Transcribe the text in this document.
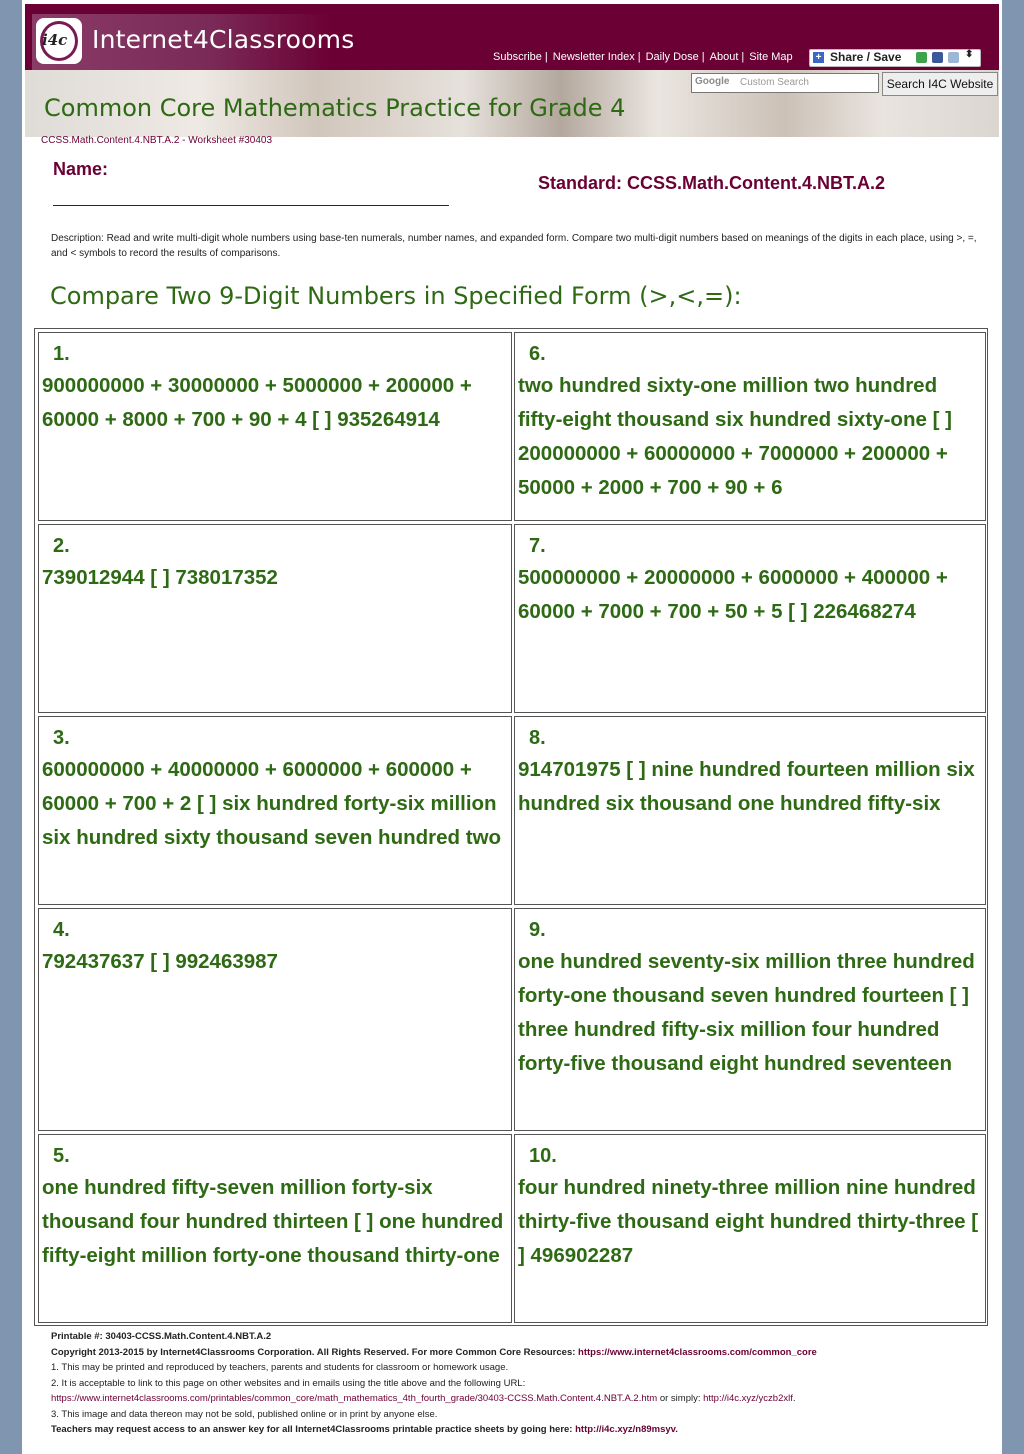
i4c Internet4Classrooms
Subscribe | Newsletter Index | Daily Dose | About | Site Map + Share / Save	⬍
Google Custom Search	Search I4C Website
Common Core Mathematics Practice for Grade 4
CCSS.Math.Content.4.NBT.A.2 - Worksheet #30403
Name:
Standard: CCSS.Math.Content.4.NBT.A.2
Description: Read and write multi-digit whole numbers using base-ten numerals, number names, and expanded form. Compare two multi-digit numbers based on meanings of the digits in each place, using >, =, and < symbols to record the results of comparisons.
Compare Two 9-Digit Numbers in Specified Form (>,<,=):
1.
900000000 + 30000000 + 5000000 + 200000 + 60000 + 8000 + 700 + 90 + 4 [ ] 935264914
6.
two hundred sixty-one million two hundred fifty-eight thousand six hundred sixty-one [ ] 200000000 + 60000000 + 7000000 + 200000 + 50000 + 2000 + 700 + 90 + 6
2.
739012944 [ ] 738017352
7.
500000000 + 20000000 + 6000000 + 400000 + 60000 + 7000 + 700 + 50 + 5 [ ] 226468274
3.
600000000 + 40000000 + 6000000 + 600000 + 60000 + 700 + 2 [ ] six hundred forty-six million six hundred sixty thousand seven hundred two
8.
914701975 [ ] nine hundred fourteen million six hundred six thousand one hundred fifty-six
4.
792437637 [ ] 992463987
9.
one hundred seventy-six million three hundred forty-one thousand seven hundred fourteen [ ] three hundred fifty-six million four hundred forty-five thousand eight hundred seventeen
5.
one hundred fifty-seven million forty-six thousand four hundred thirteen [ ] one hundred fifty-eight million forty-one thousand thirty-one
10.
four hundred ninety-three million nine hundred thirty-five thousand eight hundred thirty-three [ ] 496902287
Printable #: 30403-CCSS.Math.Content.4.NBT.A.2
Copyright 2013-2015 by Internet4Classrooms Corporation. All Rights Reserved. For more Common Core Resources: https://www.internet4classrooms.com/common_core
1. This may be printed and reproduced by teachers, parents and students for classroom or homework usage.
2. It is acceptable to link to this page on other websites and in emails using the title above and the following URL:
https://www.internet4classrooms.com/printables/common_core/math_mathematics_4th_fourth_grade/30403-CCSS.Math.Content.4.NBT.A.2.htm or simply: http://i4c.xyz/yczb2xlf.
3. This image and data thereon may not be sold, published online or in print by anyone else.
Teachers may request access to an answer key for all Internet4Classrooms printable practice sheets by going here: http://i4c.xyz/n89msyv.
